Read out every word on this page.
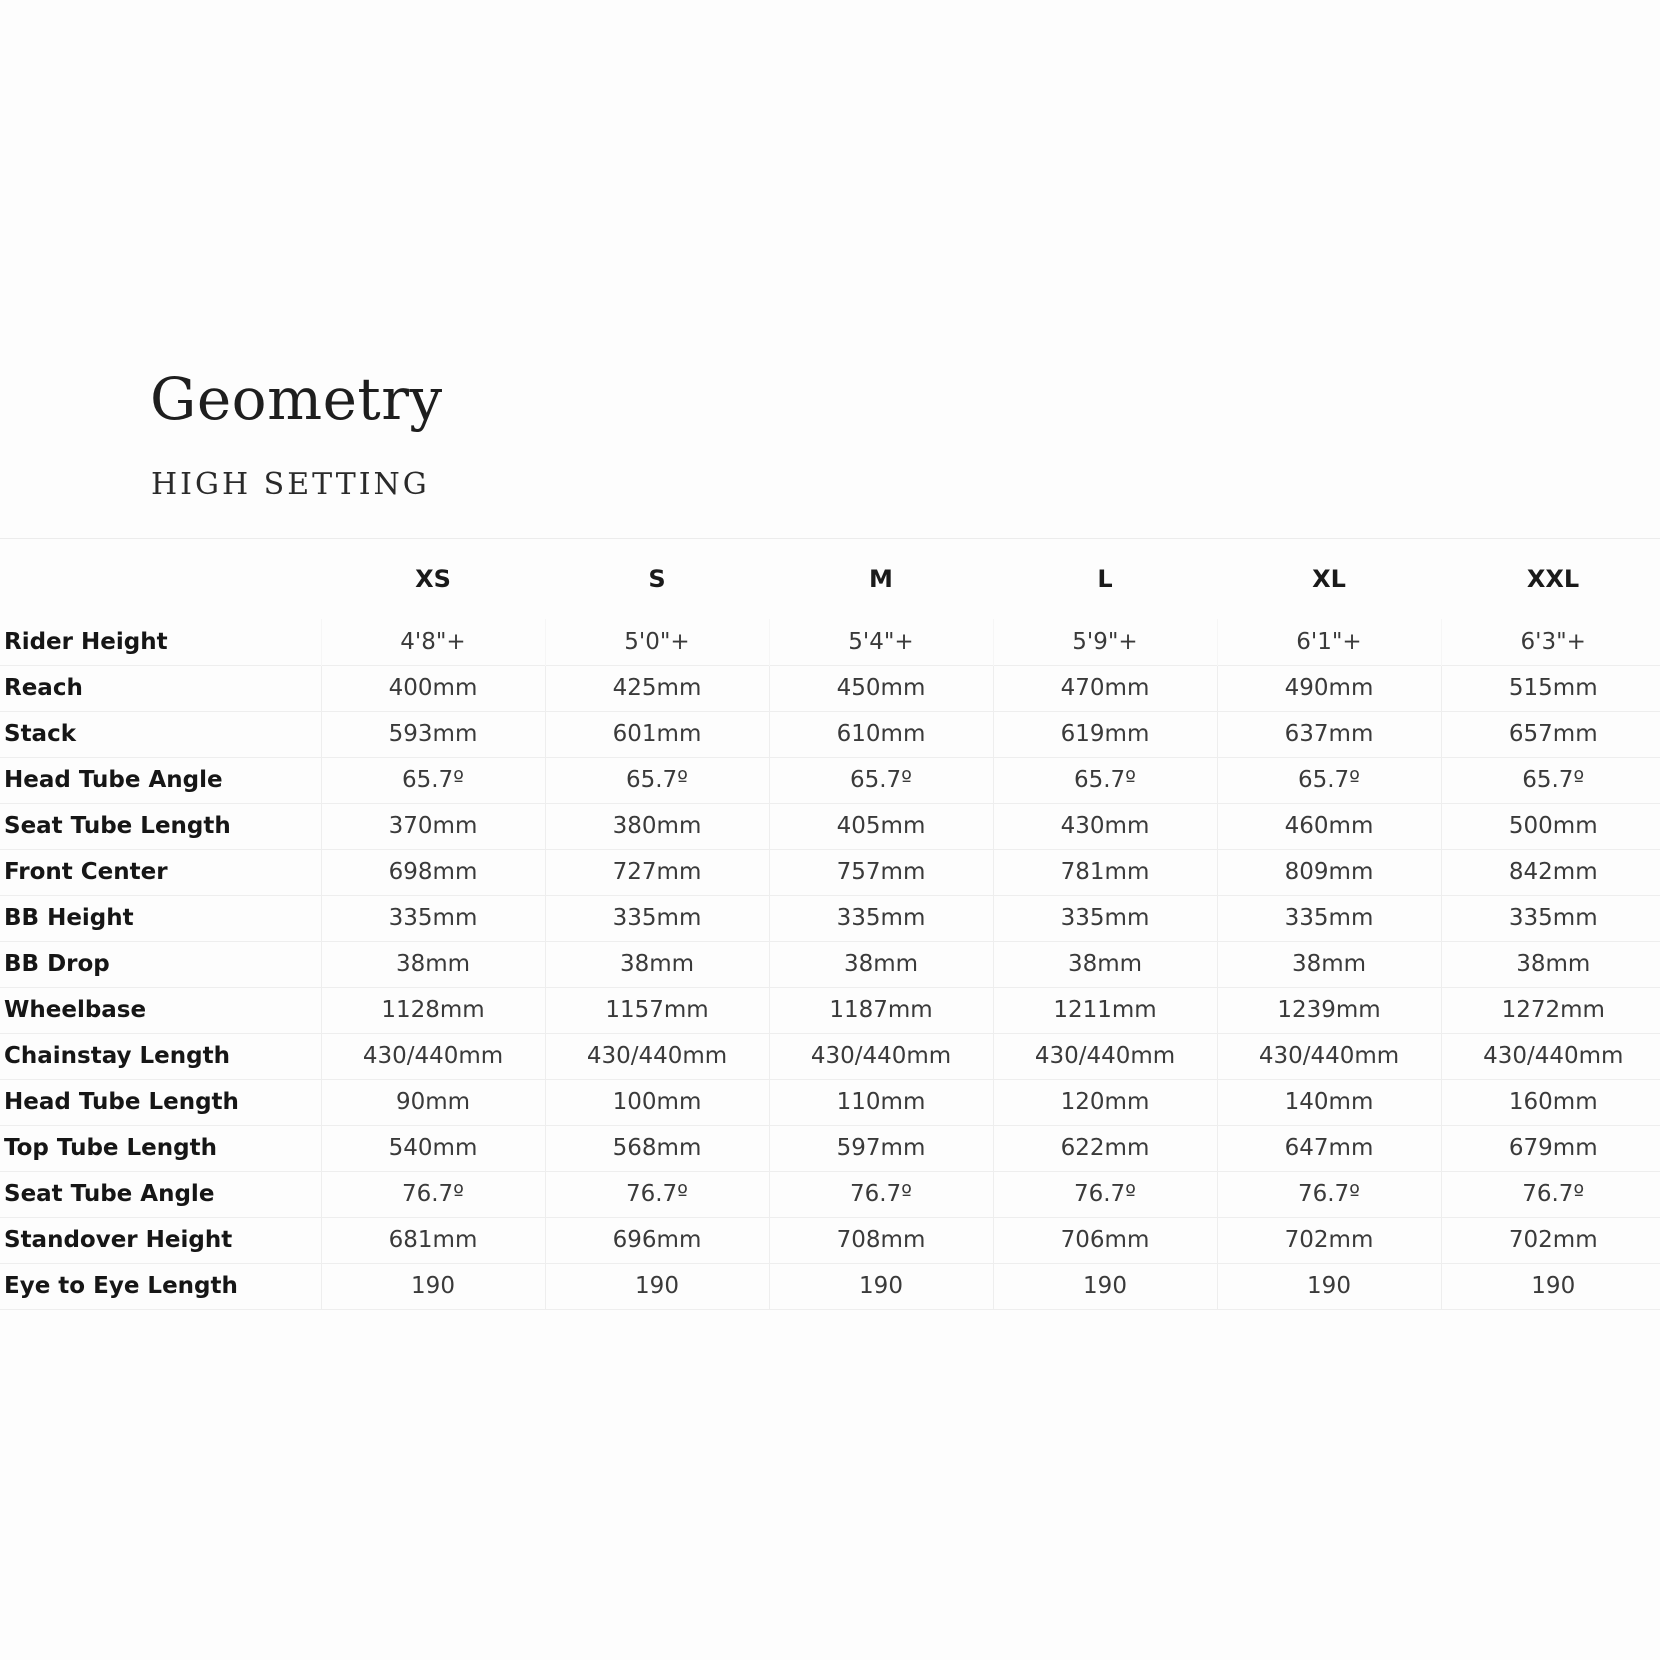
Geometry
HIGH SETTING
	XS	S	M	L	XL	XXL
Rider Height	4'8"+	5'0"+	5'4"+	5'9"+	6'1"+	6'3"+
Reach	400mm	425mm	450mm	470mm	490mm	515mm
Stack	593mm	601mm	610mm	619mm	637mm	657mm
Head Tube Angle	65.7º	65.7º	65.7º	65.7º	65.7º	65.7º
Seat Tube Length	370mm	380mm	405mm	430mm	460mm	500mm
Front Center	698mm	727mm	757mm	781mm	809mm	842mm
BB Height	335mm	335mm	335mm	335mm	335mm	335mm
BB Drop	38mm	38mm	38mm	38mm	38mm	38mm
Wheelbase	1128mm	1157mm	1187mm	1211mm	1239mm	1272mm
Chainstay Length	430/440mm	430/440mm	430/440mm	430/440mm	430/440mm	430/440mm
Head Tube Length	90mm	100mm	110mm	120mm	140mm	160mm
Top Tube Length	540mm	568mm	597mm	622mm	647mm	679mm
Seat Tube Angle	76.7º	76.7º	76.7º	76.7º	76.7º	76.7º
Standover Height	681mm	696mm	708mm	706mm	702mm	702mm
Eye to Eye Length	190	190	190	190	190	190
